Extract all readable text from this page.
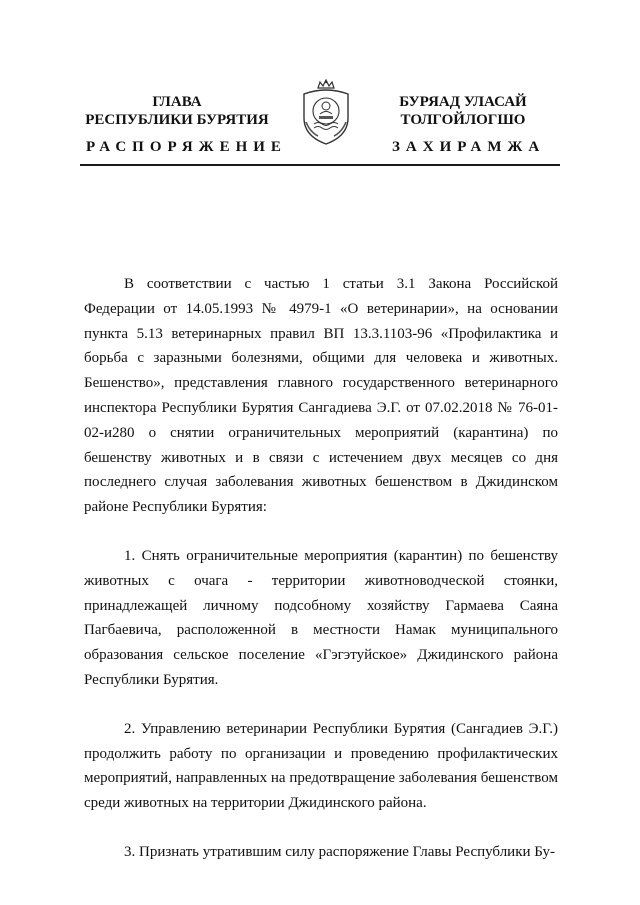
ГЛАВА
РЕСПУБЛИКИ БУРЯТИЯ
БУРЯАД УЛАСАЙ
ТОЛГОЙЛОГШО
РАСПОРЯЖЕНИЕ	ЗАХИРАМЖА

В соответствии с частью 1 статьи 3.1 Закона Российской Федерации от 14.05.1993 № 4979-1 «О ветеринарии», на основании пункта 5.13 ветеринарных правил ВП 13.3.1103-96 «Профилактика и борьба с заразными болезнями, общими для человека и животных. Бешенство», представления главного государственного ветеринарного инспектора Республики Бурятия Сангадиева Э.Г. от 07.02.2018 № 76-01-02-и280 о снятии ограничительных мероприятий (карантина) по бешенству животных и в связи с истечением двух месяцев со дня последнего случая заболевания животных бешенством в Джидинском районе Республики Бурятия:

1. Снять ограничительные мероприятия (карантин) по бешенству животных с очага - территории животноводческой стоянки, принадлежащей личному подсобному хозяйству Гармаева Саяна Пагбаевича, расположенной в местности Намак муниципального образования сельское поселение «Гэгэтуйское» Джидинского района Республики Бурятия.

2. Управлению ветеринарии Республики Бурятия (Сангадиев Э.Г.) продолжить работу по организации и проведению профилактических мероприятий, направленных на предотвращение заболевания бешенством среди животных на территории Джидинского района.

3. Признать утратившим силу распоряжение Главы Республики Бу-
